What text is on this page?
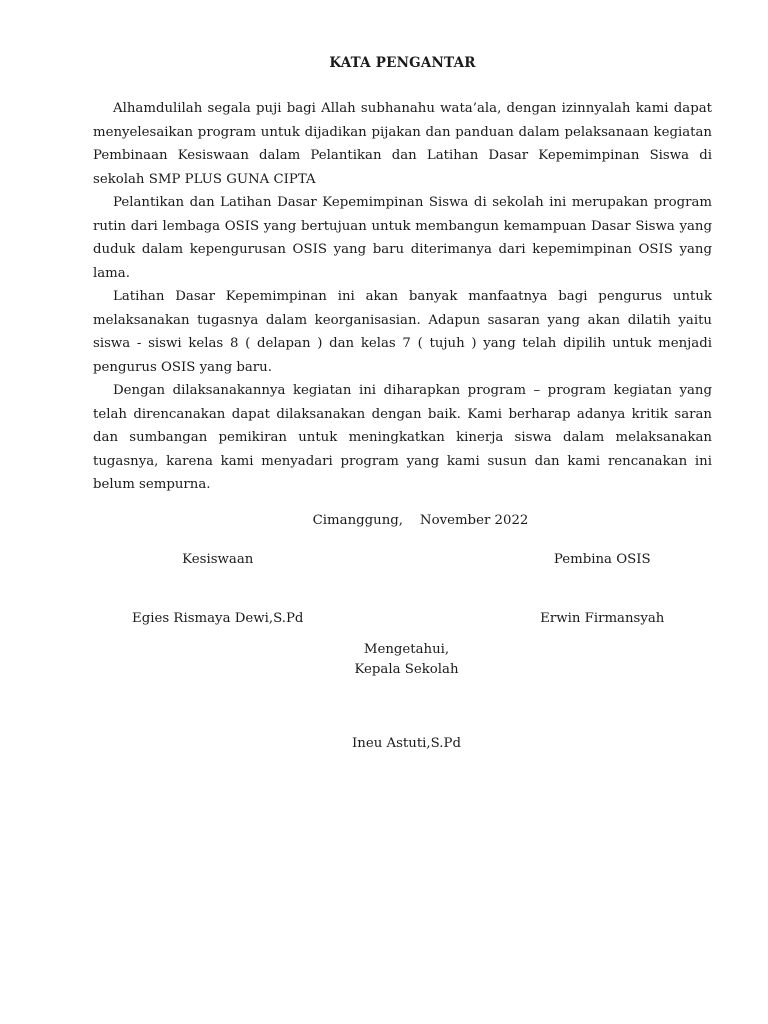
KATA PENGANTAR

Alhamdulilah segala puji bagi Allah subhanahu wata’ala, dengan izinnyalah kami dapat menyelesaikan program untuk dijadikan pijakan dan panduan dalam pelaksanaan kegiatan Pembinaan Kesiswaan dalam Pelantikan dan Latihan Dasar Kepemimpinan Siswa di sekolah SMP PLUS GUNA CIPTA

Pelantikan dan Latihan Dasar Kepemimpinan Siswa di sekolah ini merupakan program rutin dari lembaga OSIS yang bertujuan untuk membangun kemampuan Dasar Siswa yang duduk dalam kepengurusan OSIS yang baru diterimanya dari kepemimpinan OSIS yang lama.

Latihan Dasar Kepemimpinan ini akan banyak manfaatnya bagi pengurus untuk melaksanakan tugasnya dalam keorganisasian. Adapun sasaran yang akan dilatih yaitu siswa - siswi kelas 8 ( delapan ) dan kelas 7 ( tujuh ) yang telah dipilih untuk menjadi pengurus OSIS yang baru.

Dengan dilaksanakannya kegiatan ini diharapkan program – program kegiatan yang telah direncanakan dapat dilaksanakan dengan baik. Kami berharap adanya kritik saran dan sumbangan pemikiran untuk meningkatkan kinerja siswa dalam melaksanakan tugasnya, karena kami menyadari program yang kami susun dan kami rencanakan ini belum sempurna.

Cimanggung,    November 2022

Kesiswaan

Egies Rismaya Dewi,S.Pd

Pembina OSIS

Erwin Firmansyah

Mengetahui,
Kepala Sekolah
Ineu Astuti,S.Pd
